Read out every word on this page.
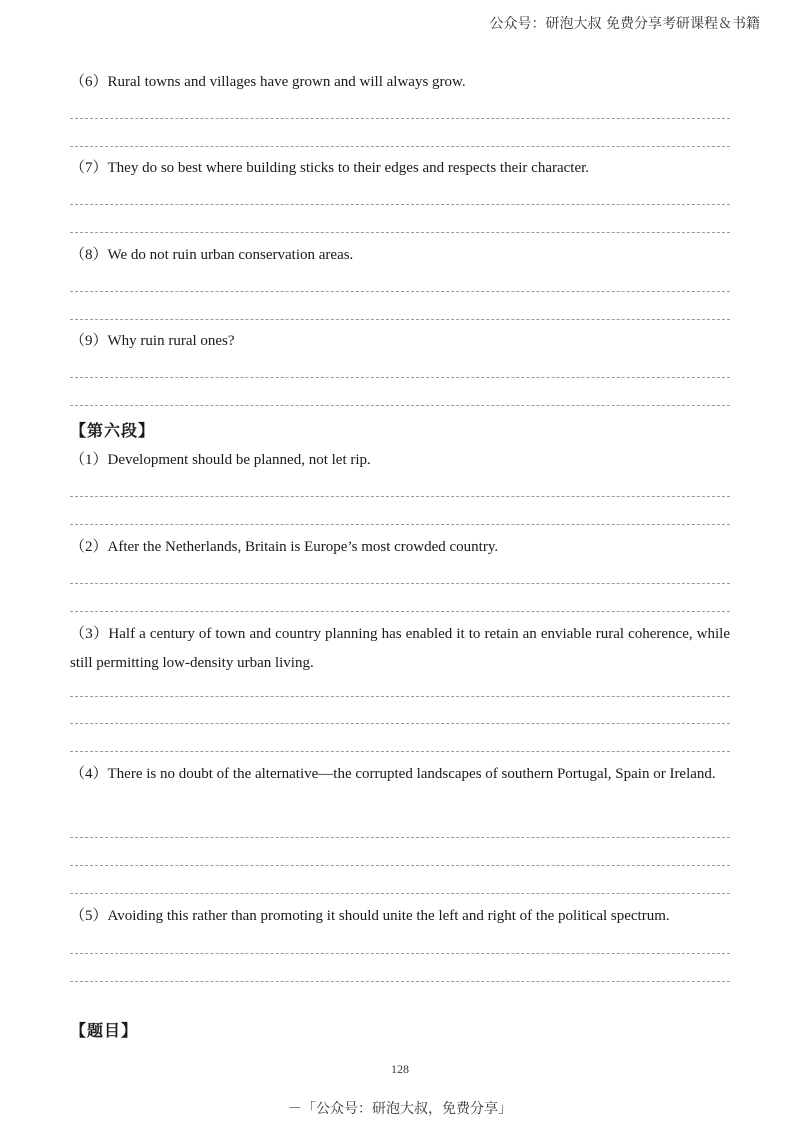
公众号：研泡大叔 免费分享考研课程＆书籍
（6）Rural towns and villages have grown and will always grow.
（7）They do so best where building sticks to their edges and respects their character.
（8）We do not ruin urban conservation areas.
（9）Why ruin rural ones?
【第六段】
（1）Development should be planned, not let rip.
（2）After the Netherlands, Britain is Europe’s most crowded country.
（3）Half a century of town and country planning has enabled it to retain an enviable rural coherence, while still permitting low-density urban living.
（4）There is no doubt of the alternative—the corrupted landscapes of southern Portugal, Spain or Ireland.
（5）Avoiding this rather than promoting it should unite the left and right of the political spectrum.
【题目】
128
－「公众号：研泡大叔，免费分享」
